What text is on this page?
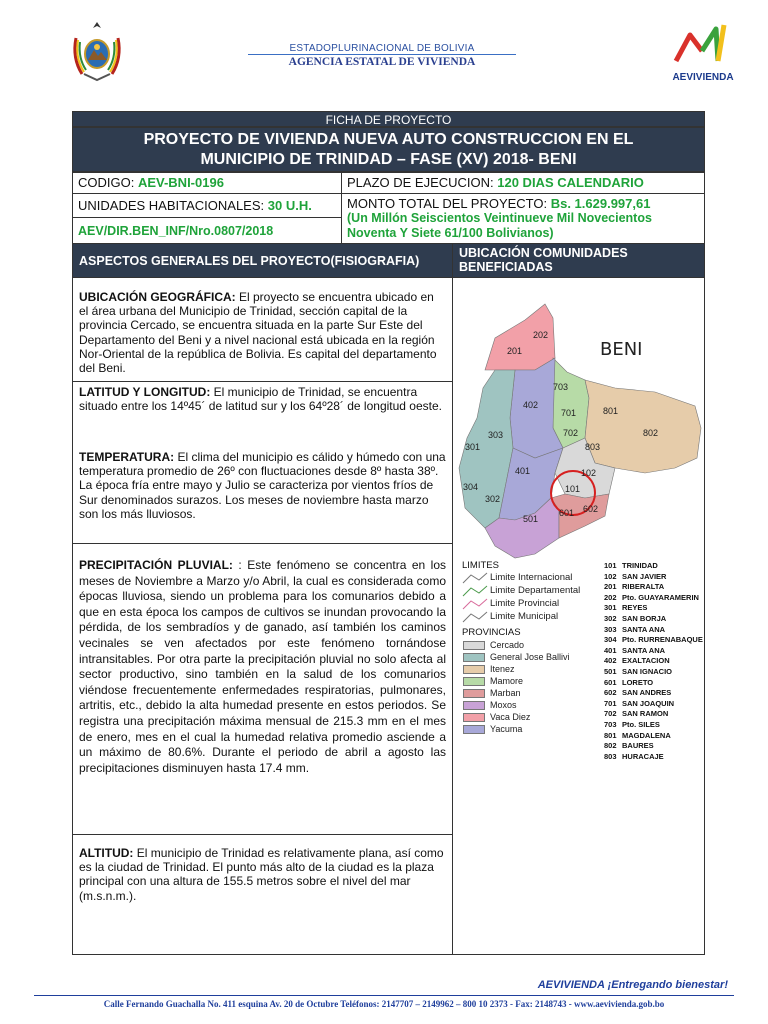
ESTADOPLURINACIONAL DE BOLIVIA
AGENCIA ESTATAL DE VIVIENDA
AEVIVIENDA
FICHA DE PROYECTO
PROYECTO DE VIVIENDA NUEVA AUTO CONSTRUCCION EN EL
MUNICIPIO DE TRINIDAD – FASE (XV) 2018- BENI
CODIGO: AEV-BNI-0196	PLAZO DE EJECUCION: 120 DIAS CALENDARIO
UNIDADES HABITACIONALES: 30 U.H.	MONTO TOTAL DEL PROYECTO: Bs. 1.629.997,61
(Un Millón Seiscientos Veintinueve Mil Novecientos Noventa Y Siete 61/100 Bolivianos)
AEV/DIR.BEN_INF/Nro.0807/2018
ASPECTOS GENERALES DEL PROYECTO(FISIOGRAFIA)
UBICACIÓN COMUNIDADES BENEFICIADAS
UBICACIÓN GEOGRÁFICA: El proyecto se encuentra ubicado en el área urbana del Municipio de Trinidad, sección capital de la provincia Cercado, se encuentra situada en la parte Sur Este del Departamento del Beni y a nivel nacional está ubicada en la región Nor-Oriental de la república de Bolivia. Es capital del departamento del Beni.
LATITUD Y LONGITUD: El municipio de Trinidad, se encuentra situado entre los 14º45´ de latitud sur y los 64º28´ de longitud oeste.
TEMPERATURA: El clima del municipio es cálido y húmedo con una temperatura promedio de 26º con fluctuaciones desde 8º hasta 38º. La época fría entre mayo y Julio se caracteriza por vientos fríos de Sur denominados surazos. Los meses de noviembre hasta marzo son los más lluviosos.
PRECIPITACIÓN PLUVIAL: : Este fenómeno se concentra en los meses de Noviembre a Marzo y/o Abril, la cual es considerada como épocas lluviosa, siendo un problema para los comunarios debido a que en esta época los campos de cultivos se inundan provocando la pérdida, de los sembradíos y de ganado, así también los caminos vecinales se ven afectados por este fenómeno tornándose intransitables. Por otra parte la precipitación pluvial no solo afecta al sector productivo, sino también en la salud de los comunarios viéndose frecuentemente enfermedades respiratorias, pulmonares, artritis, etc., debido la alta humedad presente en estos periodos. Se registra una precipitación máxima mensual de 215.3 mm en el mes de enero, mes en el cual la humedad relativa promedio asciende a un máximo de 80.6%. Durante el periodo de abril a agosto las precipitaciones disminuyen hasta 17.4 mm.
ALTITUD: El municipio de Trinidad es relativamente plana, así como es la ciudad de Trinidad. El punto más alto de la ciudad es la plaza principal con una altura de 155.5 metros sobre el nivel del mar (m.s.n.m.).
BENI
201
202
703
402
701
702
801
802
803
303
301
401	102
101
304
302
501
601 602
LIMITES
Limite Internacional
Limite Departamental
Limite Provincial
Limite Municipal
PROVINCIAS
Cercado
General Jose Ballivi
Itenez
Mamore
Marban
Moxos
Vaca Diez
Yacuma
101 TRINIDAD
102 SAN JAVIER
201 RIBERALTA
202 Pto. GUAYARAMERIN
301 REYES
302 SAN BORJA
303 SANTA ANA
304 Pto. RURRENABAQUE
401 SANTA ANA
402 EXALTACION
501 SAN IGNACIO
601 LORETO
602 SAN ANDRES
701 SAN JOAQUIN
702 SAN RAMON
703 Pto. SILES
801 MAGDALENA
802 BAURES
803 HURACAJE
AEVIVIENDA ¡Entregando bienestar!
Calle Fernando Guachalla No. 411 esquina Av. 20 de Octubre Teléfonos: 2147707 – 2149962 – 800 10 2373 - Fax: 2148743 - www.aevivienda.gob.bo
